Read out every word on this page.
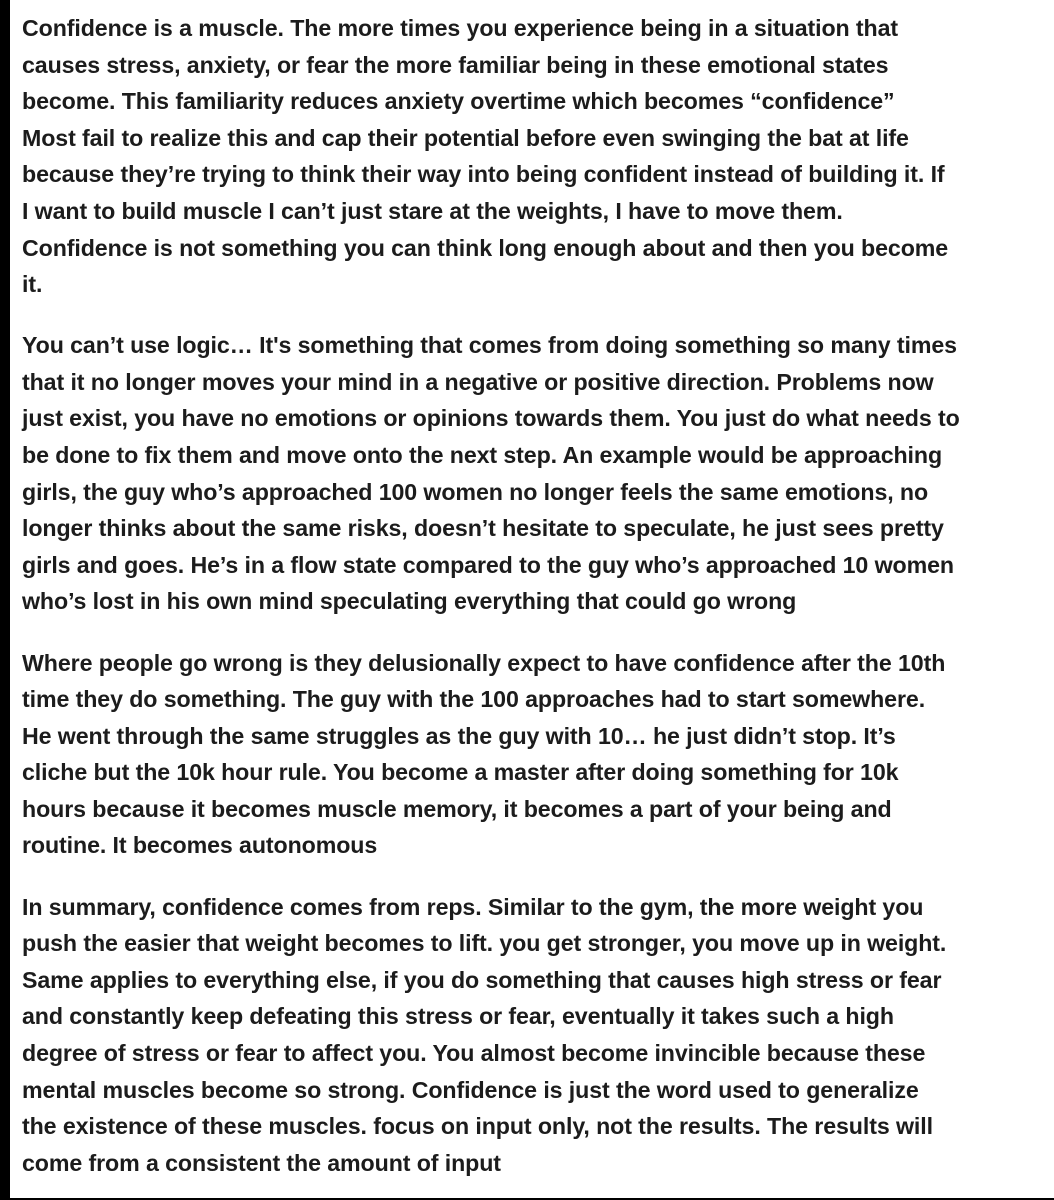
Confidence is a muscle. The more times you experience being in a situation that
causes stress, anxiety, or fear the more familiar being in these emotional states
become. This familiarity reduces anxiety overtime which becomes “confidence”
Most fail to realize this and cap their potential before even swinging the bat at life
because they’re trying to think their way into being confident instead of building it. If
I want to build muscle I can’t just stare at the weights, I have to move them.
Confidence is not something you can think long enough about and then you become
it.
You can’t use logic… It's something that comes from doing something so many times
that it no longer moves your mind in a negative or positive direction. Problems now
just exist, you have no emotions or opinions towards them. You just do what needs to
be done to fix them and move onto the next step. An example would be approaching
girls, the guy who’s approached 100 women no longer feels the same emotions, no
longer thinks about the same risks, doesn’t hesitate to speculate, he just sees pretty
girls and goes. He’s in a flow state compared to the guy who’s approached 10 women
who’s lost in his own mind speculating everything that could go wrong
Where people go wrong is they delusionally expect to have confidence after the 10th
time they do something. The guy with the 100 approaches had to start somewhere.
He went through the same struggles as the guy with 10… he just didn’t stop. It’s
cliche but the 10k hour rule. You become a master after doing something for 10k
hours because it becomes muscle memory, it becomes a part of your being and
routine. It becomes autonomous
In summary, confidence comes from reps. Similar to the gym, the more weight you
push the easier that weight becomes to lift. you get stronger, you move up in weight.
Same applies to everything else, if you do something that causes high stress or fear
and constantly keep defeating this stress or fear, eventually it takes such a high
degree of stress or fear to affect you. You almost become invincible because these
mental muscles become so strong. Confidence is just the word used to generalize
the existence of these muscles. focus on input only, not the results. The results will
come from a consistent the amount of input
